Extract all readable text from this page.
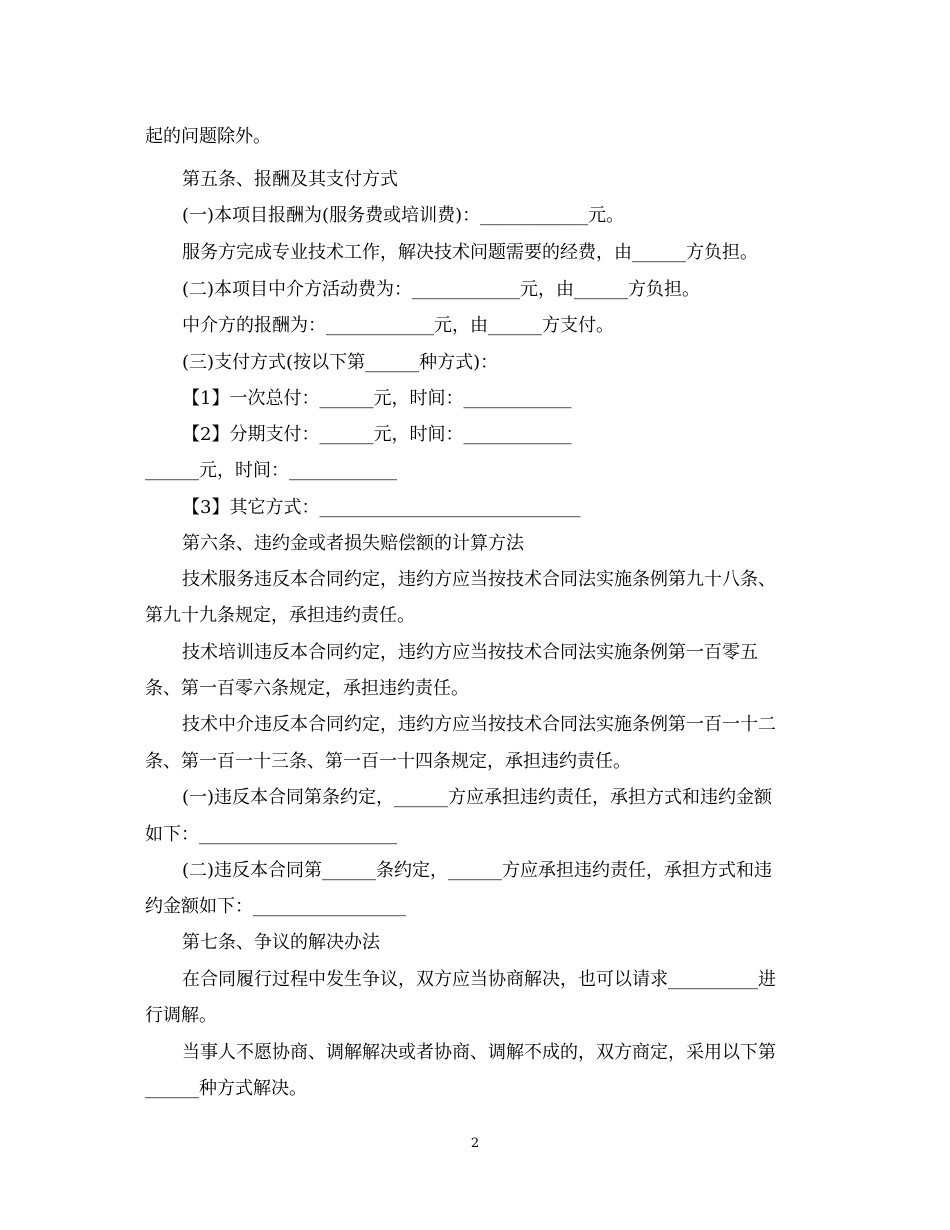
起的问题除外。
第五条、报酬及其支付方式
(一)本项目报酬为(服务费或培训费)：____________元。
服务方完成专业技术工作，解决技术问题需要的经费，由______方负担。
(二)本项目中介方活动费为：____________元，由______方负担。
中介方的报酬为：____________元，由______方支付。
(三)支付方式(按以下第______种方式)：
【1】一次总付：______元，时间：____________
【2】分期支付：______元，时间：____________
______元，时间：____________
【3】其它方式：_____________________________
第六条、违约金或者损失赔偿额的计算方法
技术服务违反本合同约定，违约方应当按技术合同法实施条例第九十八条、
第九十九条规定，承担违约责任。
技术培训违反本合同约定，违约方应当按技术合同法实施条例第一百零五
条、第一百零六条规定，承担违约责任。
技术中介违反本合同约定，违约方应当按技术合同法实施条例第一百一十二
条、第一百一十三条、第一百一十四条规定，承担违约责任。
(一)违反本合同第条约定，______方应承担违约责任，承担方式和违约金额
如下：______________________
(二)违反本合同第______条约定，______方应承担违约责任，承担方式和违
约金额如下：_________________
第七条、争议的解决办法
在合同履行过程中发生争议，双方应当协商解决，也可以请求__________进
行调解。
当事人不愿协商、调解解决或者协商、调解不成的，双方商定，采用以下第
______种方式解决。
2
